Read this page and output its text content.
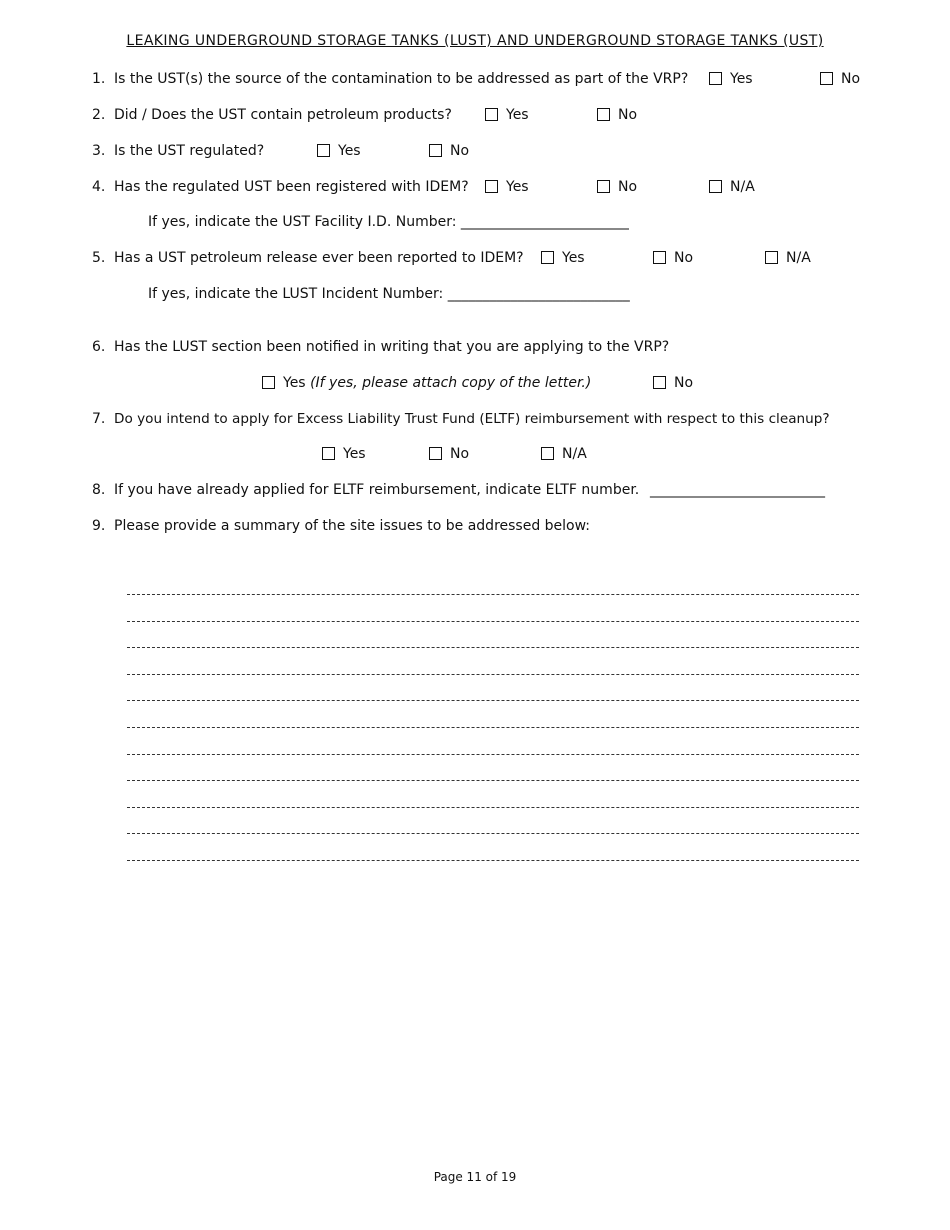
LEAKING UNDERGROUND STORAGE TANKS (LUST) AND UNDERGROUND STORAGE TANKS (UST)
1. Is the UST(s) the source of the contamination to be addressed as part of the VRP?	Yes	No
2. Did / Does the UST contain petroleum products?	Yes	No
3. Is the UST regulated?	Yes	No
4. Has the regulated UST been registered with IDEM?	Yes	No	N/A
If yes, indicate the UST Facility I.D. Number: ________________________
5. Has a UST petroleum release ever been reported to IDEM?	Yes	No	N/A
If yes, indicate the LUST Incident Number: __________________________
6. Has the LUST section been notified in writing that you are applying to the VRP?
Yes (If yes, please attach copy of the letter.)	No
7. Do you intend to apply for Excess Liability Trust Fund (ELTF) reimbursement with respect to this cleanup?
Yes	No	N/A
8. If you have already applied for ELTF reimbursement, indicate ELTF number. _________________________
9. Please provide a summary of the site issues to be addressed below:
Page 11 of 19
